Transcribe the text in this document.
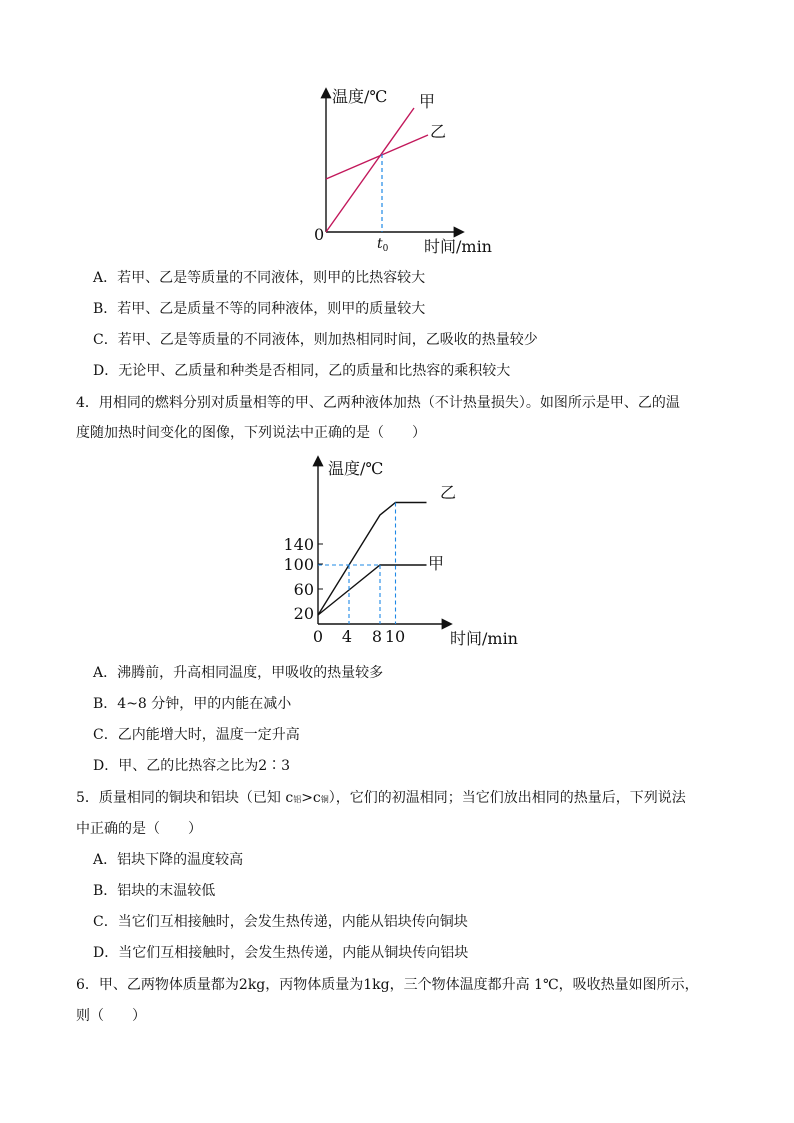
温度/℃
时间/min
0
甲
乙
$t_0$
A．若甲、乙是等质量的不同液体，则甲的比热容较大
B．若甲、乙是质量不等的同种液体，则甲的质量较大
C．若甲、乙是等质量的不同液体，则加热相同时间，乙吸收的热量较少
D．无论甲、乙质量和种类是否相同，乙的质量和比热容的乘积较大
4．用相同的燃料分别对质量相等的甲、乙两种液体加热（不计热量损失）。如图所示是甲、乙的温
度随加热时间变化的图像，下列说法中正确的是（　　）
温度/℃
时间/min
140
100
60
20
0 4 8 10
乙
甲
A．沸腾前，升高相同温度，甲吸收的热量较多
B．4~8 分钟，甲的内能在减小
C．乙内能增大时，温度一定升高
D．甲、乙的比热容之比为2∶3
5．质量相同的铜块和铝块（已知 c铝>c铜），它们的初温相同；当它们放出相同的热量后，下列说法
中正确的是（　　）
A．铝块下降的温度较高
B．铝块的末温较低
C．当它们互相接触时，会发生热传递，内能从铝块传向铜块
D．当它们互相接触时，会发生热传递，内能从铜块传向铝块
6．甲、乙两物体质量都为2kg，丙物体质量为1kg，三个物体温度都升高 1℃，吸收热量如图所示，
则（　　）
